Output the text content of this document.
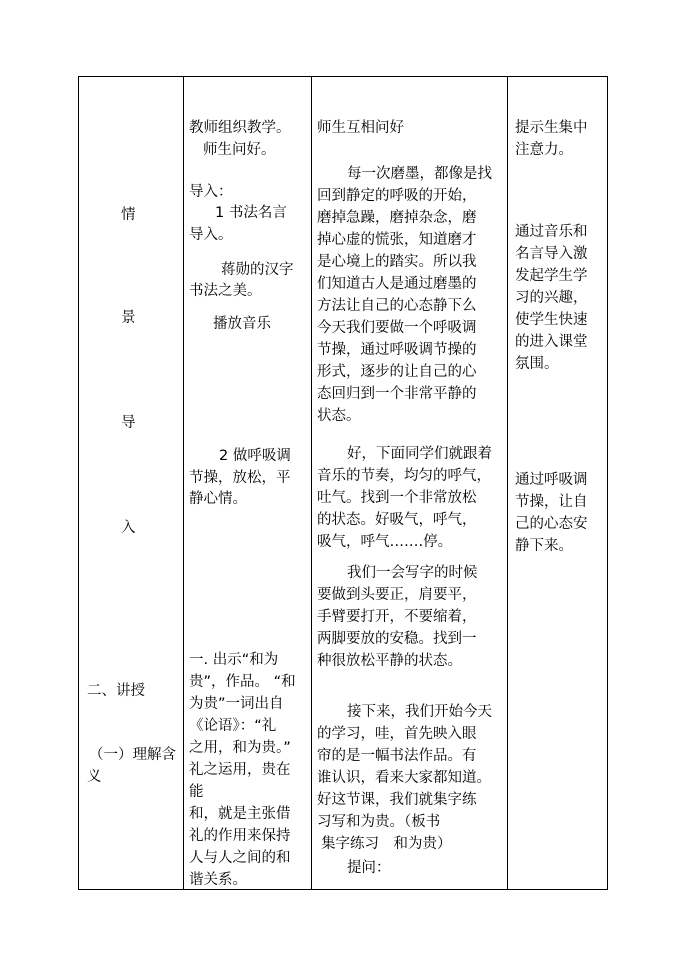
情

景

导

入

二、讲授

（一）理解含

义

教师组织教学。

师生问好。

导入：

1 书法名言

导入。

蒋勋的汉字

书法之美。

播放音乐

2 做呼吸调

节操，放松，平

静心情。

一. 出示“和为

贵”，作品。 “和

为贵”一词出自

《论语》：“礼

之用，和为贵。”

礼之运用，贵在

能

和，就是主张借

礼的作用来保持

人与人之间的和

谐关系。

师生互相问好

每一次磨墨，都像是找

回到静定的呼吸的开始，

磨掉急躁，磨掉杂念，磨

掉心虚的慌张，知道磨才

是心境上的踏实。所以我

们知道古人是通过磨墨的

方法让自己的心态静下么

今天我们要做一个呼吸调

节操，通过呼吸调节操的

形式，逐步的让自己的心

态回归到一个非常平静的

状态。

好，下面同学们就跟着

音乐的节奏，均匀的呼气，

吐气。找到一个非常放松

的状态。好吸气，呼气，

吸气，呼气…….停。

我们一会写字的时候

要做到头要正，肩要平，

手臂要打开，不要缩着，

两脚要放的安稳。找到一

种很放松平静的状态。

接下来，我们开始今天

的学习，哇，首先映入眼

帘的是一幅书法作品。有

谁认识，看来大家都知道。

好这节课，我们就集字练

习写和为贵。（板书

集字练习　和为贵）

提问：

提示生集中

注意力。

通过音乐和

名言导入激

发起学生学

习的兴趣，

使学生快速

的进入课堂

氛围。

通过呼吸调

节操，让自

己的心态安

静下来。
